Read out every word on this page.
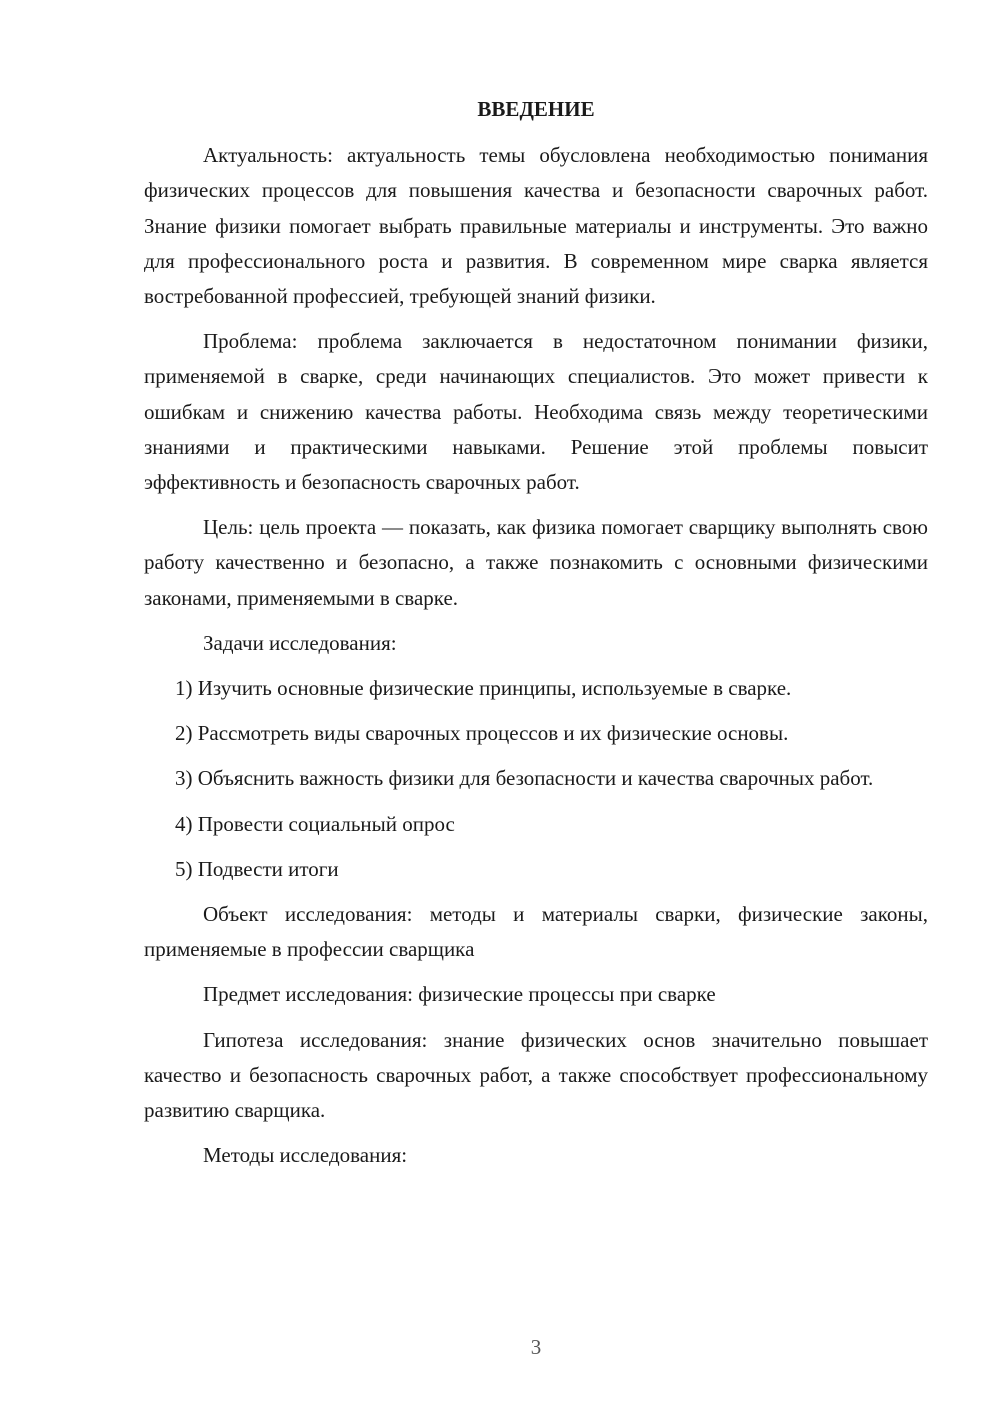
ВВЕДЕНИЕ

Актуальность: актуальность темы обусловлена необходимостью понимания физических процессов для повышения качества и безопасности сварочных работ. Знание физики помогает выбрать правильные материалы и инструменты. Это важно для профессионального роста и развития. В современном мире сварка является востребованной профессией, требующей знаний физики.

Проблема: проблема заключается в недостаточном понимании физики, применяемой в сварке, среди начинающих специалистов. Это может привести к ошибкам и снижению качества работы. Необходима связь между теоретическими знаниями и практическими навыками. Решение этой проблемы повысит эффективность и безопасность сварочных работ.

Цель: цель проекта — показать, как физика помогает сварщику выполнять свою работу качественно и безопасно, а также познакомить с основными физическими законами, применяемыми в сварке.

Задачи исследования:

1) Изучить основные физические принципы, используемые в сварке.

2) Рассмотреть виды сварочных процессов и их физические основы.

3) Объяснить важность физики для безопасности и качества сварочных работ.

4) Провести социальный опрос

5) Подвести итоги

Объект исследования: методы и материалы сварки, физические законы, применяемые в профессии сварщика

Предмет исследования: физические процессы при сварке

Гипотеза исследования: знание физических основ значительно повышает качество и безопасность сварочных работ, а также способствует профессиональному развитию сварщика.

Методы исследования:

3
